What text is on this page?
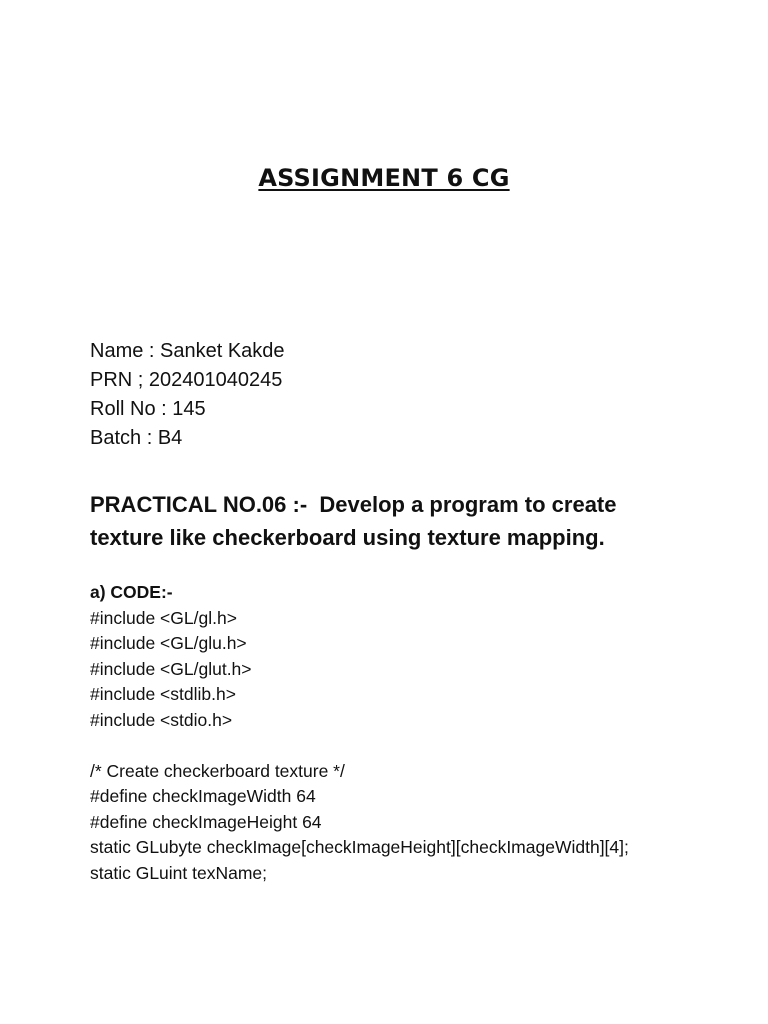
ASSIGNMENT 6 CG
Name : Sanket Kakde
PRN ; 202401040245
Roll No : 145
Batch : B4
PRACTICAL NO.06 :-  Develop a program to create
texture like checkerboard using texture mapping.
a) CODE:-
#include <GL/gl.h>
#include <GL/glu.h>
#include <GL/glut.h>
#include <stdlib.h>
#include <stdio.h>
/* Create checkerboard texture */
#define checkImageWidth 64
#define checkImageHeight 64
static GLubyte checkImage[checkImageHeight][checkImageWidth][4];
static GLuint texName;
